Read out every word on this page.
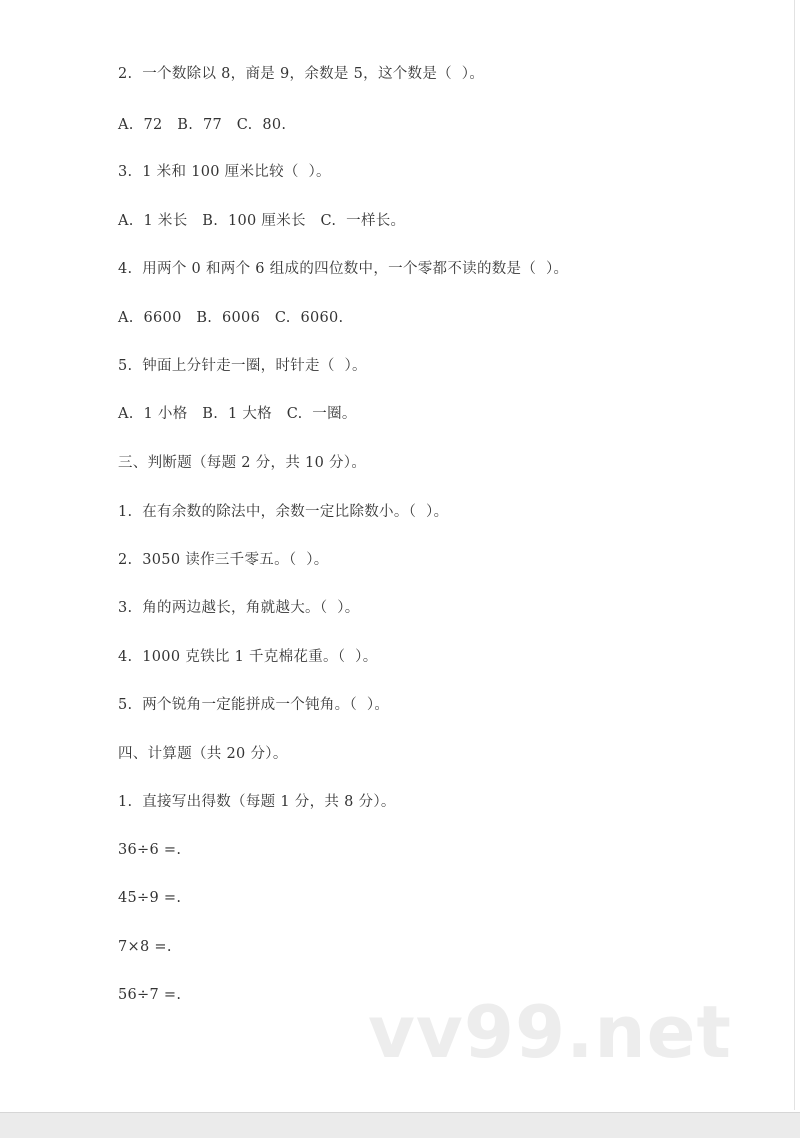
2.  一个数除以 8，商是 9，余数是 5，这个数是（  ）。
A.  72   B.  77   C.  80.
3.  1 米和 100 厘米比较（  ）。
A.  1 米长   B.  100 厘米长   C.  一样长。
4.  用两个 0 和两个 6 组成的四位数中，一个零都不读的数是（  ）。
A.  6600   B.  6006   C.  6060.
5.  钟面上分针走一圈，时针走（  ）。
A.  1 小格   B.  1 大格   C.  一圈。
三、判断题（每题 2 分，共 10 分）。
1.  在有余数的除法中，余数一定比除数小。（  ）。
2.  3050 读作三千零五。（  ）。
3.  角的两边越长，角就越大。（  ）。
4.  1000 克铁比 1 千克棉花重。（  ）。
5.  两个锐角一定能拼成一个钝角。（  ）。
四、计算题（共 20 分）。
1.  直接写出得数（每题 1 分，共 8 分）。
36÷6 =.
45÷9 =.
7×8 =.
56÷7 =.	vv99.net
